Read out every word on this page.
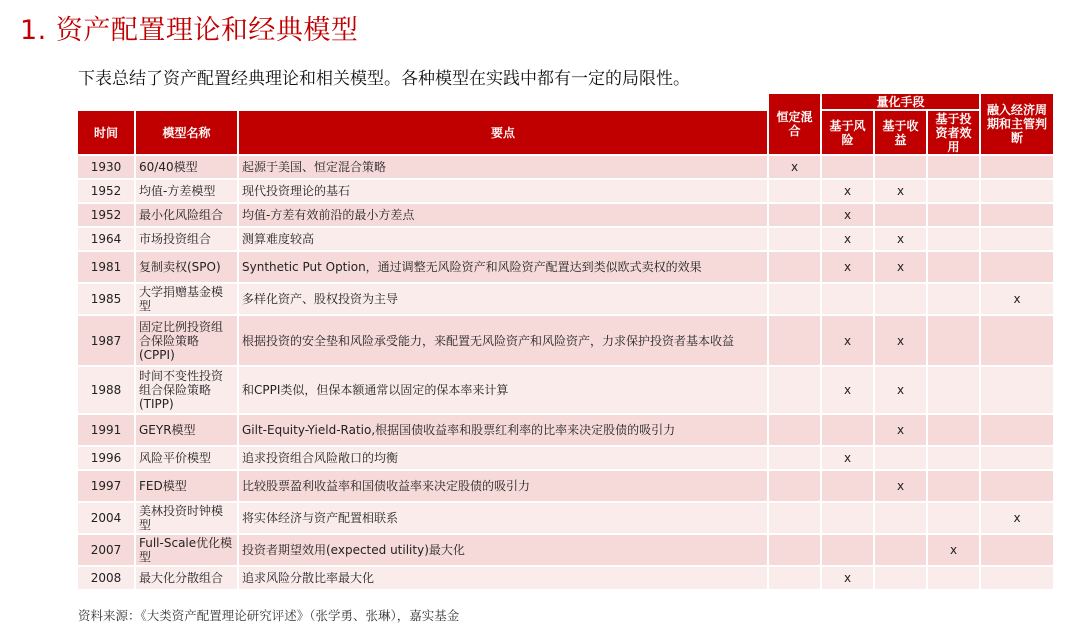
1. 资产配置理论和经典模型
下表总结了资产配置经典理论和相关模型。各种模型在实践中都有一定的局限性。
			恒定混合	量化手段			融入经济周期和主管判断
时间	模型名称	要点		基于风险	基于收益	基于投资者效用	
1930	60/40模型	起源于美国、恒定混合策略	x				
1952	均值-方差模型	现代投资理论的基石		x	x		
1952	最小化风险组合	均值-方差有效前沿的最小方差点		x			
1964	市场投资组合	测算难度较高		x	x		
1981	复制卖权(SPO)	Synthetic Put Option，通过调整无风险资产和风险资产配置达到类似欧式卖权的效果		x	x		
1985	大学捐赠基金模型	多样化资产、股权投资为主导					x
1987	固定比例投资组合保险策略(CPPI)	根据投资的安全垫和风险承受能力，来配置无风险资产和风险资产，力求保护投资者基本收益		x	x		
1988	时间不变性投资组合保险策略(TIPP)	和CPPI类似，但保本额通常以固定的保本率来计算		x	x		
1991	GEYR模型	Gilt-Equity-Yield-Ratio,根据国债收益率和股票红利率的比率来决定股债的吸引力			x		
1996	风险平价模型	追求投资组合风险敞口的均衡		x			
1997	FED模型	比较股票盈利收益率和国债收益率来决定股债的吸引力			x		
2004	美林投资时钟模型	将实体经济与资产配置相联系					x
2007	Full-Scale优化模型	投资者期望效用(expected utility)最大化				x	
2008	最大化分散组合	追求风险分散比率最大化		x			
资料来源：《大类资产配置理论研究评述》（张学勇、张琳），嘉实基金
